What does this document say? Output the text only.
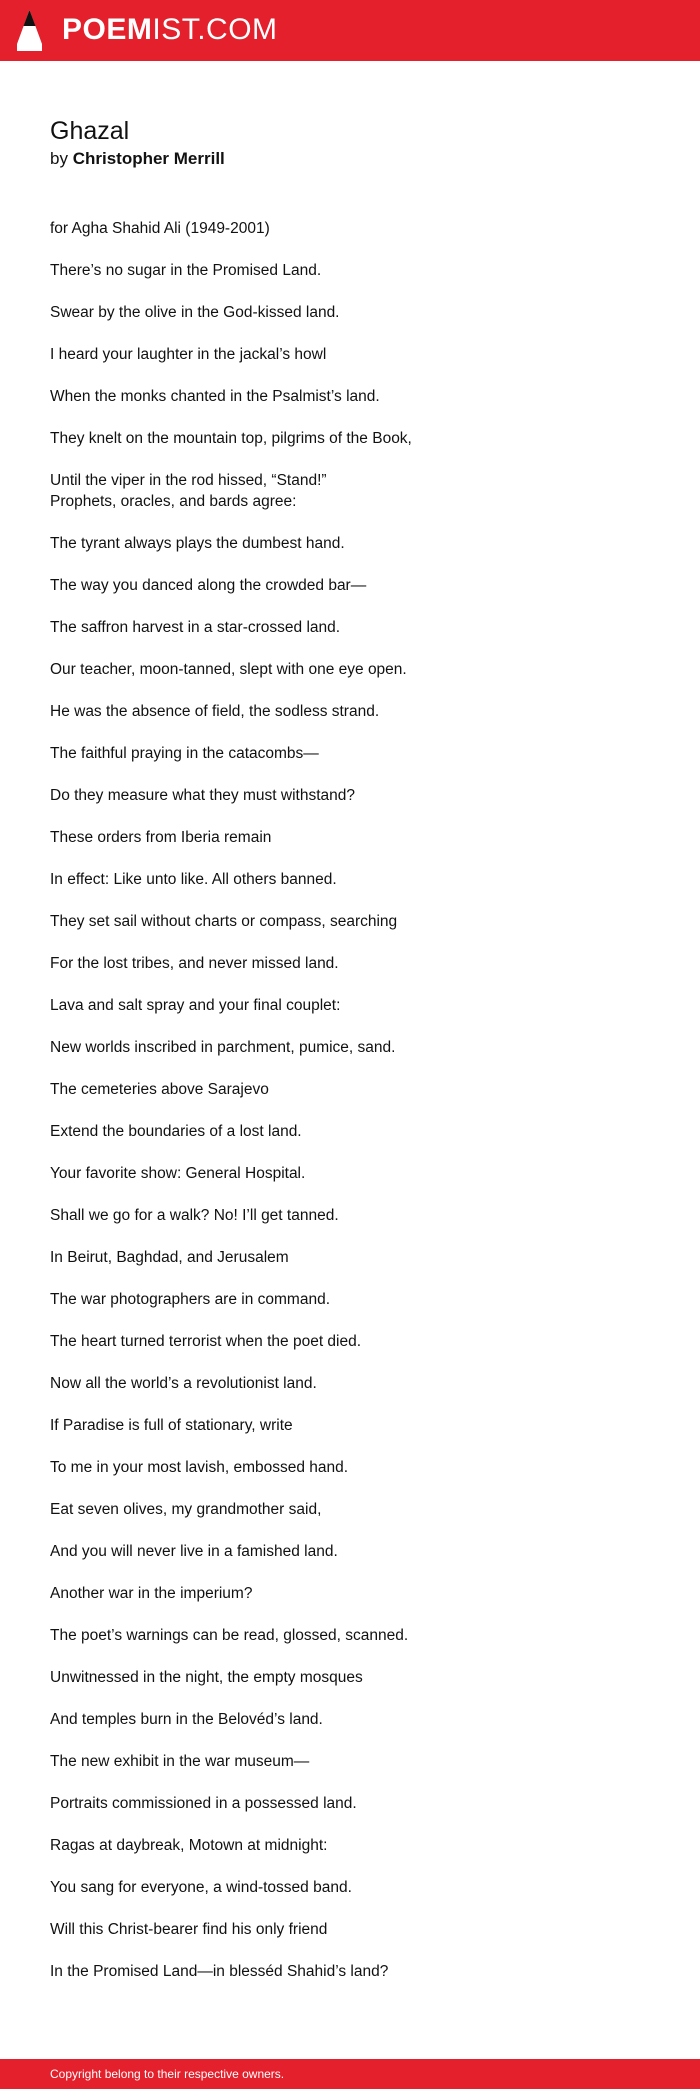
POEMIST.COM
Ghazal
by Christopher Merrill

for Agha Shahid Ali (1949-2001)

There’s no sugar in the Promised Land.

Swear by the olive in the God-kissed land.

I heard your laughter in the jackal’s howl

When the monks chanted in the Psalmist’s land.

They knelt on the mountain top, pilgrims of the Book,

Until the viper in the rod hissed, “Stand!”
Prophets, oracles, and bards agree:

The tyrant always plays the dumbest hand.

The way you danced along the crowded bar—

The saffron harvest in a star-crossed land.

Our teacher, moon-tanned, slept with one eye open.

He was the absence of field, the sodless strand.

The faithful praying in the catacombs—

Do they measure what they must withstand?

These orders from Iberia remain

In effect: Like unto like. All others banned.

They set sail without charts or compass, searching

For the lost tribes, and never missed land.

Lava and salt spray and your final couplet:

New worlds inscribed in parchment, pumice, sand.

The cemeteries above Sarajevo

Extend the boundaries of a lost land.

Your favorite show: General Hospital.

Shall we go for a walk? No! I’ll get tanned.

In Beirut, Baghdad, and Jerusalem

The war photographers are in command.

The heart turned terrorist when the poet died.

Now all the world’s a revolutionist land.

If Paradise is full of stationary, write

To me in your most lavish, embossed hand.

Eat seven olives, my grandmother said,

And you will never live in a famished land.

Another war in the imperium?

The poet’s warnings can be read, glossed, scanned.

Unwitnessed in the night, the empty mosques

And temples burn in the Belovéd’s land.

The new exhibit in the war museum—

Portraits commissioned in a possessed land.

Ragas at daybreak, Motown at midnight:

You sang for everyone, a wind-tossed band.

Will this Christ-bearer find his only friend

In the Promised Land—in blesséd Shahid’s land?

Copyright belong to their respective owners.
